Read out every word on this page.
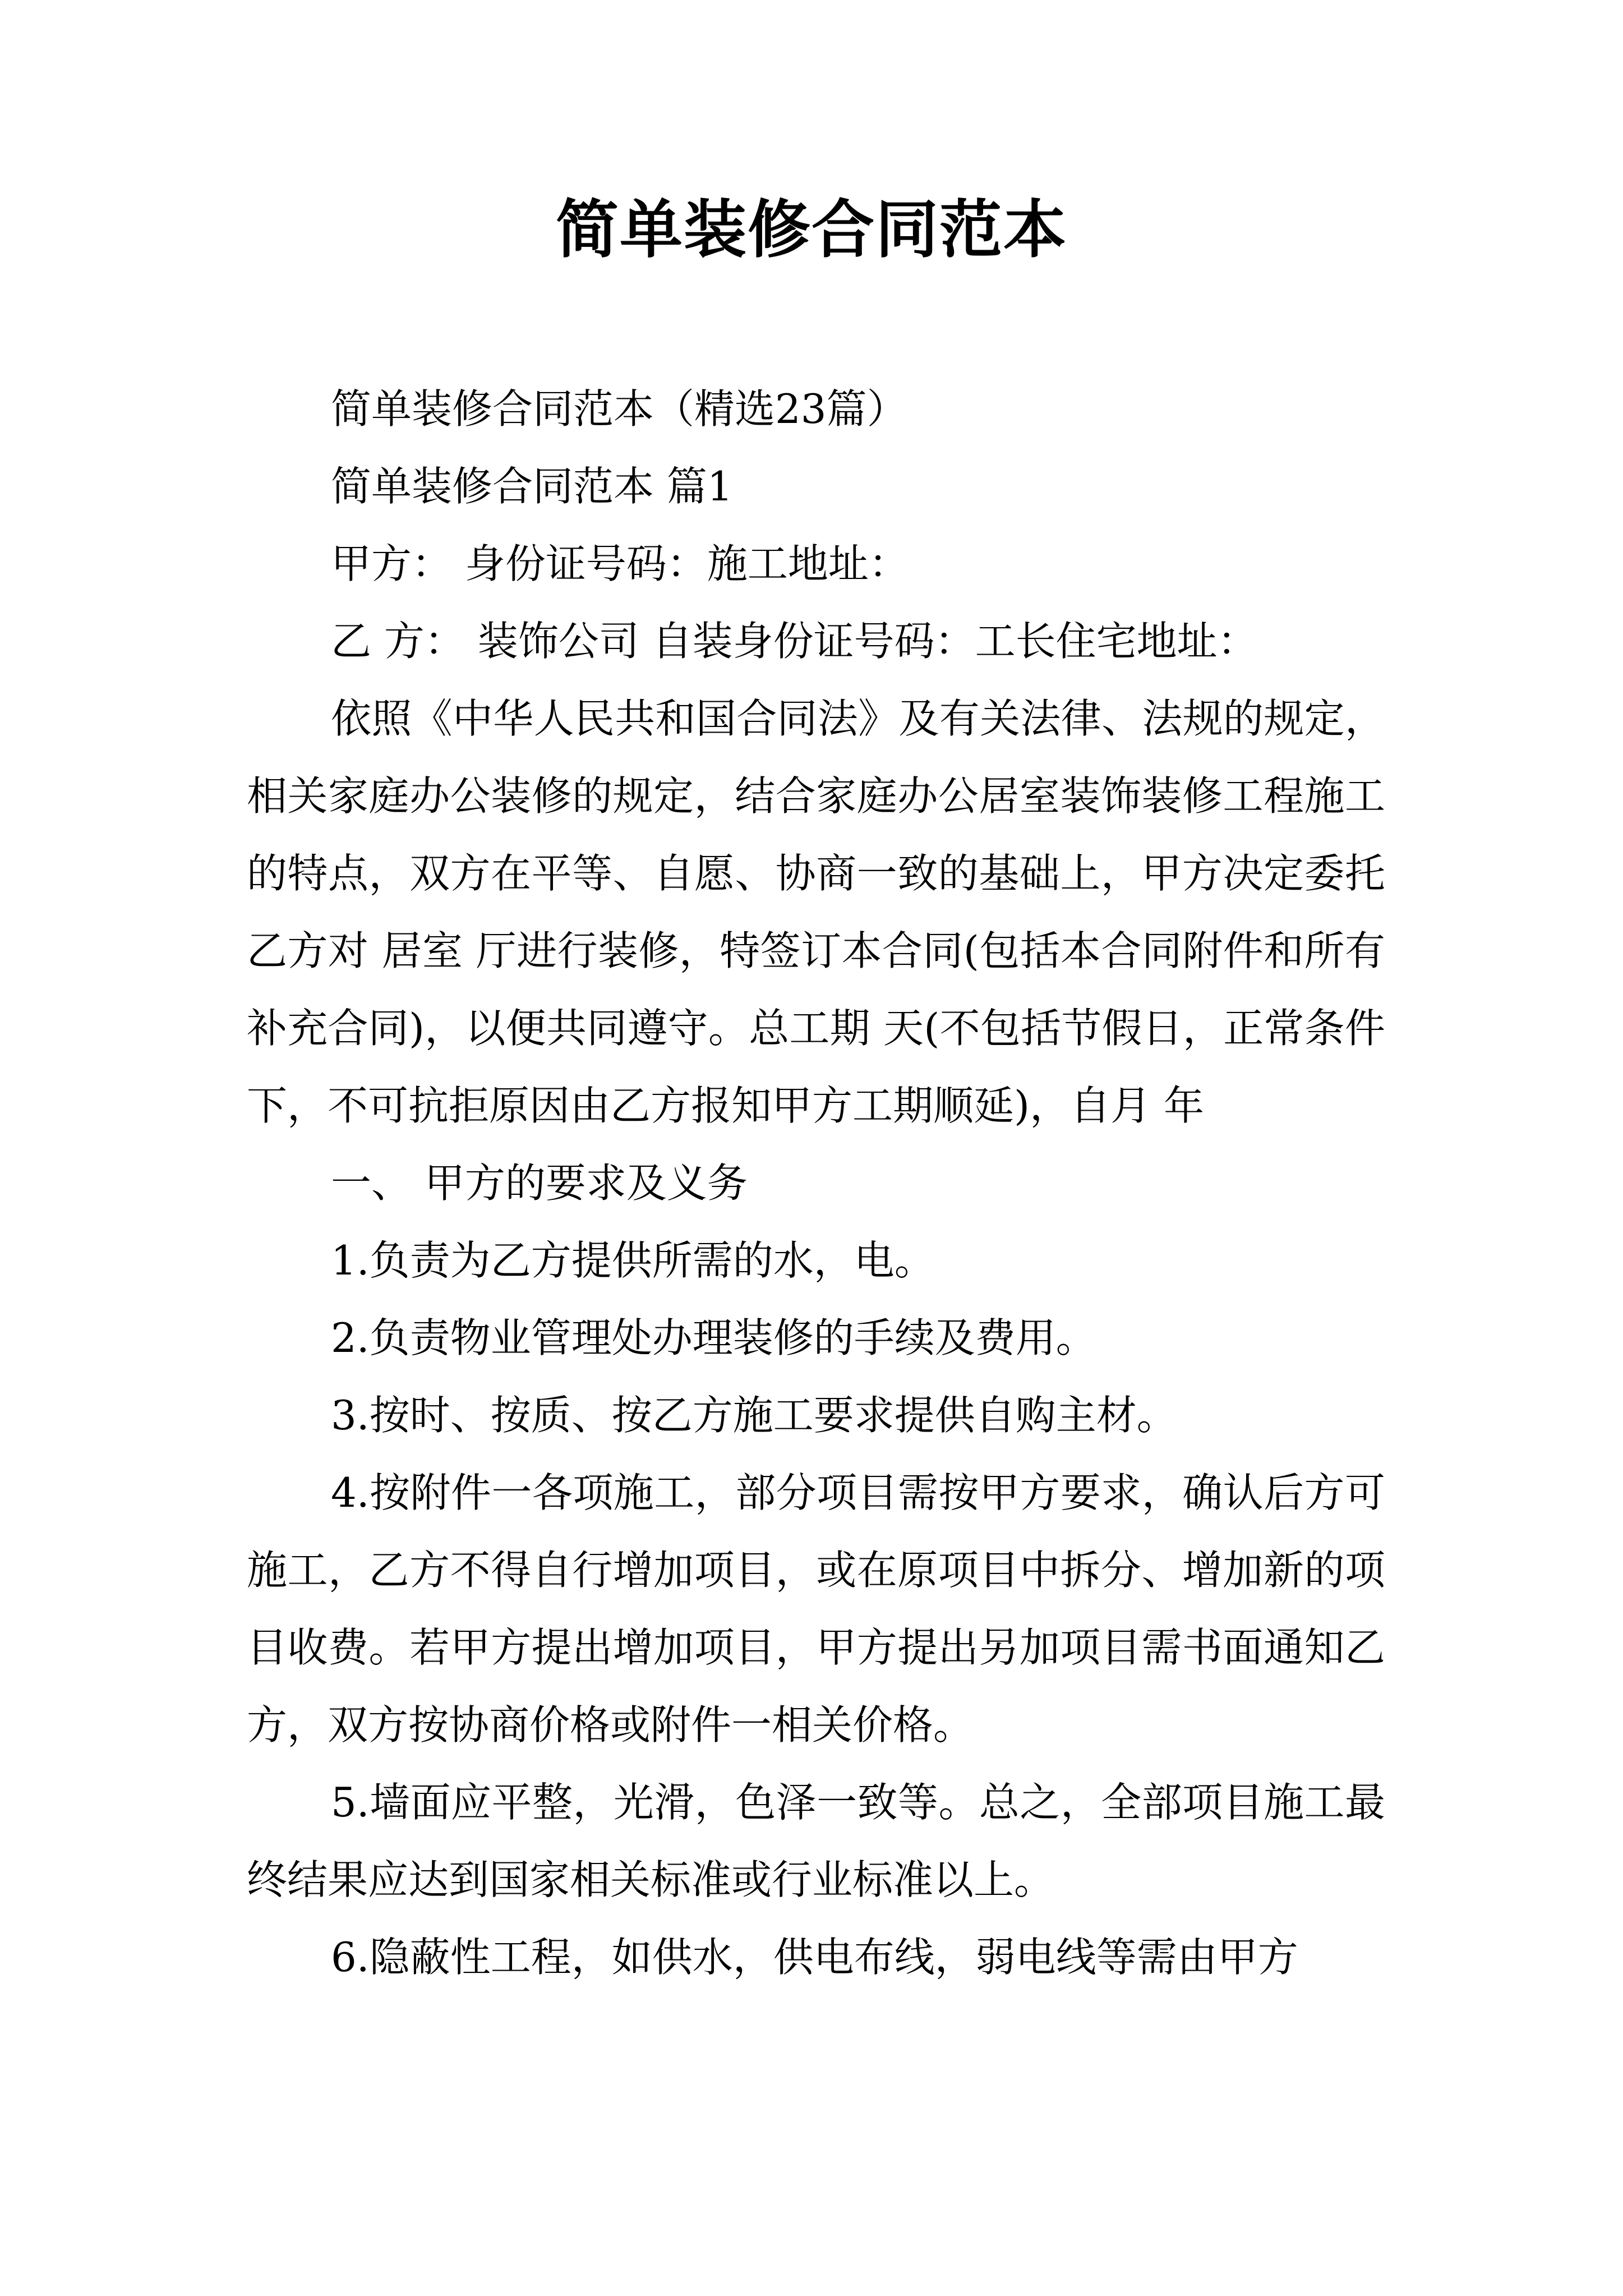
简单装修合同范本

简单装修合同范本（精选23篇）

简单装修合同范本 篇1

甲方： 身份证号码：施工地址：

乙 方： 装饰公司 自装身份证号码：工长住宅地址：

依照《中华人民共和国合同法》及有关法律、法规的规定，相关家庭办公装修的规定，结合家庭办公居室装饰装修工程施工的特点，双方在平等、自愿、协商一致的基础上，甲方决定委托乙方对 居室 厅进行装修，特签订本合同(包括本合同附件和所有补充合同)，以便共同遵守。总工期 天(不包括节假日，正常条件下，不可抗拒原因由乙方报知甲方工期顺延)，自月 年

一、 甲方的要求及义务

1.负责为乙方提供所需的水，电。

2.负责物业管理处办理装修的手续及费用。

3.按时、按质、按乙方施工要求提供自购主材。

4.按附件一各项施工，部分项目需按甲方要求，确认后方可施工，乙方不得自行增加项目，或在原项目中拆分、增加新的项目收费。若甲方提出增加项目，甲方提出另加项目需书面通知乙方，双方按协商价格或附件一相关价格。

5.墙面应平整，光滑，色泽一致等。总之，全部项目施工最终结果应达到国家相关标准或行业标准以上。

6.隐蔽性工程，如供水，供电布线，弱电线等需由甲方
